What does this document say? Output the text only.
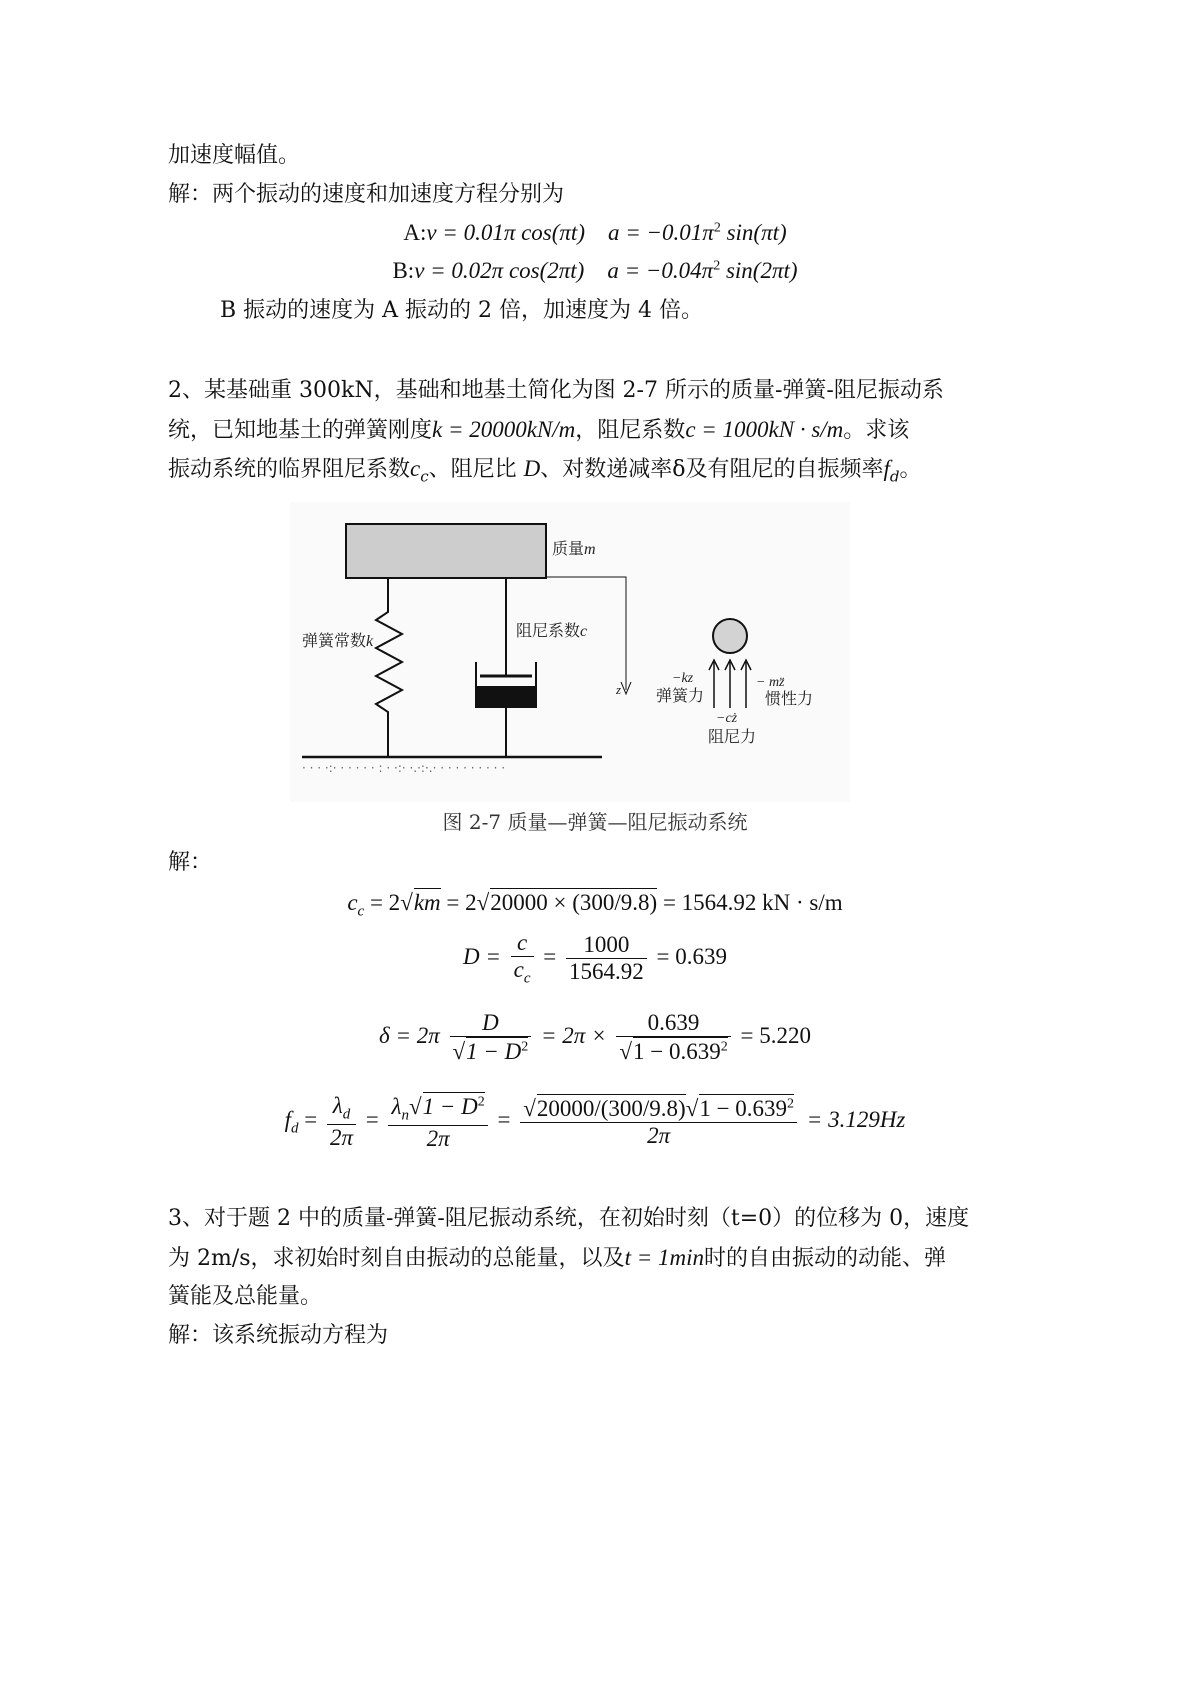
加速度幅值。
解：两个振动的速度和加速度方程分别为
A:v = 0.01π cos(πt) $a = -0.01\pi^2$ sin(πt)
B:v = 0.02π cos(2πt) $a = -0.04\pi^2$ sin(2πt)
B 振动的速度为 A 振动的 2 倍，加速度为 4 倍。
2、某基础重 300kN，基础和地基土简化为图 2-7 所示的质量-弹簧-阻尼振动系
统，已知地基土的弹簧刚度k = 20000kN/m，阻尼系数c = 1000kN · s/m。求该
振动系统的临界阻尼系数$c_c$、阻尼比 D、对数递减率δ及有阻尼的自振频率$f_d$。
质量m
弹簧常数k
阻尼系数c
· · · ·:· · · · · · : · ·:· ·.·:·.· · · · · · · · · ·
z
−kz
弹簧力
− mz̈
惯性力
−cż
阻尼力
图 2-7 质量—弹簧—阻尼振动系统
解：
$c_c = 2√km = 2√20000 \times (300/9.8) = 1564.92$ kN · s/m
$D = \frac{c}{c_c} = \frac{1000}{1564.92} = 0.639$
$\delta = 2\pi \frac{D}{√1 - D^2} = 2\pi \times \frac{0.639}{√1 - 0.639^2} = 5.220$
$f_d = \frac{\lambda_d}{2\pi} = \frac{\lambda_n√1 - D^2}{2\pi} = \frac{√20000/(300/9.8)√1 - 0.639^2}{2\pi} = 3.129Hz$
3、对于题 2 中的质量-弹簧-阻尼振动系统，在初始时刻（t=0）的位移为 0，速度
为 2m/s，求初始时刻自由振动的总能量，以及t = 1min时的自由振动的动能、弹
簧能及总能量。
解：该系统振动方程为
